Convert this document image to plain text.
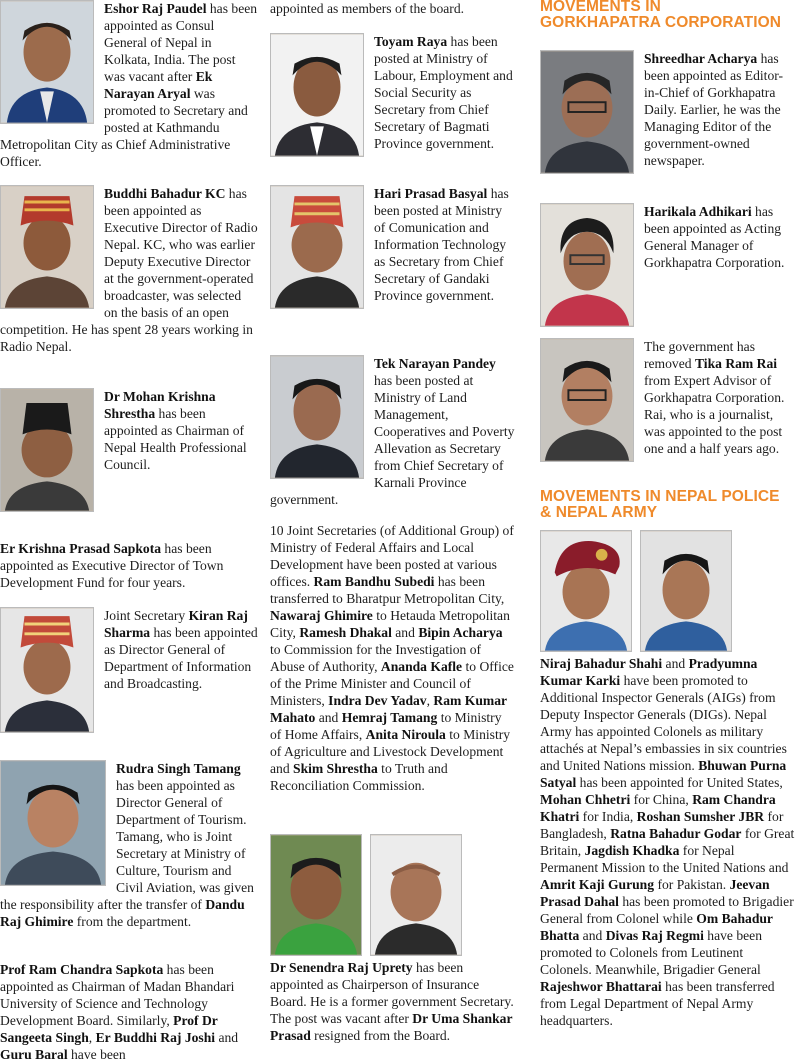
Eshor Raj Paudel has been appointed as Consul General of Nepal in Kolkata, India. The post was vacant after Ek Narayan Aryal was promoted to Secretary and posted at Kathmandu Metropolitan City as Chief Administrative Officer.

Buddhi Bahadur KC has been appointed as Executive Director of Radio Nepal. KC, who was earlier Deputy Executive Director at the government-operated broadcaster, was selected on the basis of an open competition. He has spent 28 years working in Radio Nepal.

Dr Mohan Krishna Shrestha has been appointed as Chairman of Nepal Health Professional Council.

Er Krishna Prasad Sapkota has been appointed as Executive Director of Town Development Fund for four years.

Joint Secretary Kiran Raj Sharma has been appointed as Director General of Department of Information and Broadcasting.

Rudra Singh Tamang has been appointed as Director General of Department of Tourism. Tamang, who is Joint Secretary at Ministry of Culture, Tourism and Civil Aviation, was given the responsibility after the transfer of Dandu Raj Ghimire from the department.

Prof Ram Chandra Sapkota has been appointed as Chairman of Madan Bhandari University of Science and Technology Development Board. Similarly, Prof Dr Sangeeta Singh, Er Buddhi Raj Joshi and Guru Baral have been

appointed as members of the board.

Toyam Raya has been posted at Ministry of Labour, Employment and Social Security as Secretary from Chief Secretary of Bagmati Province government.

Hari Prasad Basyal has been posted at Ministry of Comunication and Information Technology as Secretary from Chief Secretary of Gandaki Province government.

Tek Narayan Pandey has been posted at Ministry of Land Management, Cooperatives and Poverty Allevation as Secretary from Chief Secretary of Karnali Province government.

10 Joint Secretaries (of Additional Group) of Ministry of Federal Affairs and Local Development have been posted at various offices. Ram Bandhu Subedi has been transferred to Bharatpur Metropolitan City, Nawaraj Ghimire to Hetauda Metropolitan City, Ramesh Dhakal and Bipin Acharya to Commission for the Investigation of Abuse of Authority, Ananda Kafle to Office of the Prime Minister and Council of Ministers, Indra Dev Yadav, Ram Kumar Mahato and Hemraj Tamang to Ministry of Home Affairs, Anita Niroula to Ministry of Agriculture and Livestock Development and Skim Shrestha to Truth and Reconciliation Commission.

Dr Senendra Raj Uprety has been appointed as Chairperson of Insurance Board. He is a former government Secretary. The post was vacant after Dr Uma Shankar Prasad resigned from the Board.

MOVEMENTS IN
GORKHAPATRA CORPORATION

Shreedhar Acharya has been appointed as Editor-in-Chief of Gorkhapatra Daily. Earlier, he was the Managing Editor of the government-owned newspaper.

Harikala Adhikari has been appointed as Acting General Manager of Gorkhapatra Corporation.

The government has removed Tika Ram Rai from Expert Advisor of Gorkhapatra Corporation. Rai, who is a journalist, was appointed to the post one and a half years ago.

MOVEMENTS IN NEPAL POLICE
& NEPAL ARMY

Niraj Bahadur Shahi and Pradyumna Kumar Karki have been promoted to Additional Inspector Generals (AIGs) from Deputy Inspector Generals (DIGs). Nepal Army has appointed Colonels as military attachés at Nepal’s embassies in six countries and United Nations mission. Bhuwan Purna Satyal has been appointed for United States, Mohan Chhetri for China, Ram Chandra Khatri for India, Roshan Sumsher JBR for Bangladesh, Ratna Bahadur Godar for Great Britain, Jagdish Khadka for Nepal Permanent Mission to the United Nations and Amrit Kaji Gurung for Pakistan. Jeevan Prasad Dahal has been promoted to Brigadier General from Colonel while Om Bahadur Bhatta and Divas Raj Regmi have been promoted to Colonels from Leutinent Colonels. Meanwhile, Brigadier General Rajeshwor Bhattarai has been transferred from Legal Department of Nepal Army headquarters.
